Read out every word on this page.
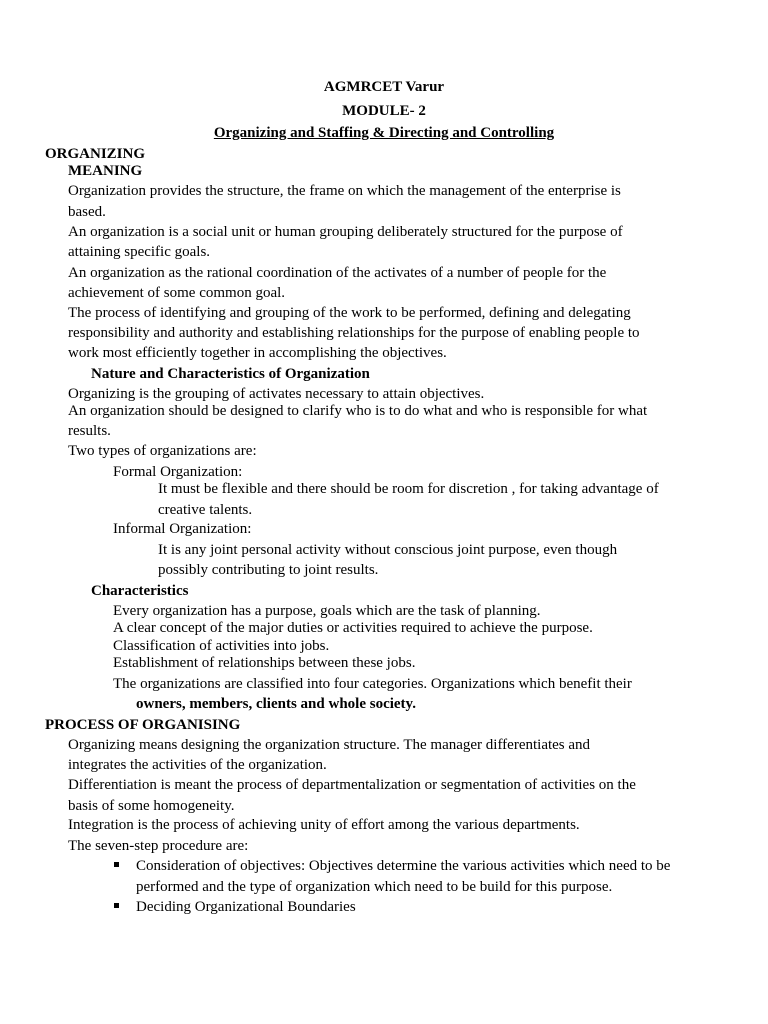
AGMRCET Varur
MODULE- 2
Organizing and Staffing & Directing and Controlling
ORGANIZING
MEANING
Organization provides the structure, the frame on which the management of the enterprise is
based.
An organization is a social unit or human grouping deliberately structured for the purpose of
attaining specific goals.
An organization as the rational coordination of the activates of a number of people for the
achievement of some common goal.
The process of identifying and grouping of the work to be performed, defining and delegating
responsibility and authority and establishing relationships for the purpose of enabling people to
work most efficiently together in accomplishing the objectives.
Nature and Characteristics of Organization
Organizing is the grouping of activates necessary to attain objectives.
An organization should be designed to clarify who is to do what and who is responsible for what
results.
Two types of organizations are:
Formal Organization:
It must be flexible and there should be room for discretion , for taking advantage of
creative talents.
Informal Organization:
It is any joint personal activity without conscious joint purpose, even though
possibly contributing to joint results.
Characteristics
Every organization has a purpose, goals which are the task of planning.
A clear concept of the major duties or activities required to achieve the purpose.
Classification of activities into jobs.
Establishment of relationships between these jobs.
The organizations are classified into four categories. Organizations which benefit their
owners, members, clients and whole society.
PROCESS OF ORGANISING
Organizing means designing the organization structure. The manager differentiates and
integrates the activities of the organization.
Differentiation is meant the process of departmentalization or segmentation of activities on the
basis of some homogeneity.
Integration is the process of achieving unity of effort among the various departments.
The seven-step procedure are:
Consideration of objectives: Objectives determine the various activities which need to be
performed and the type of organization which need to be build for this purpose.
Deciding Organizational Boundaries
